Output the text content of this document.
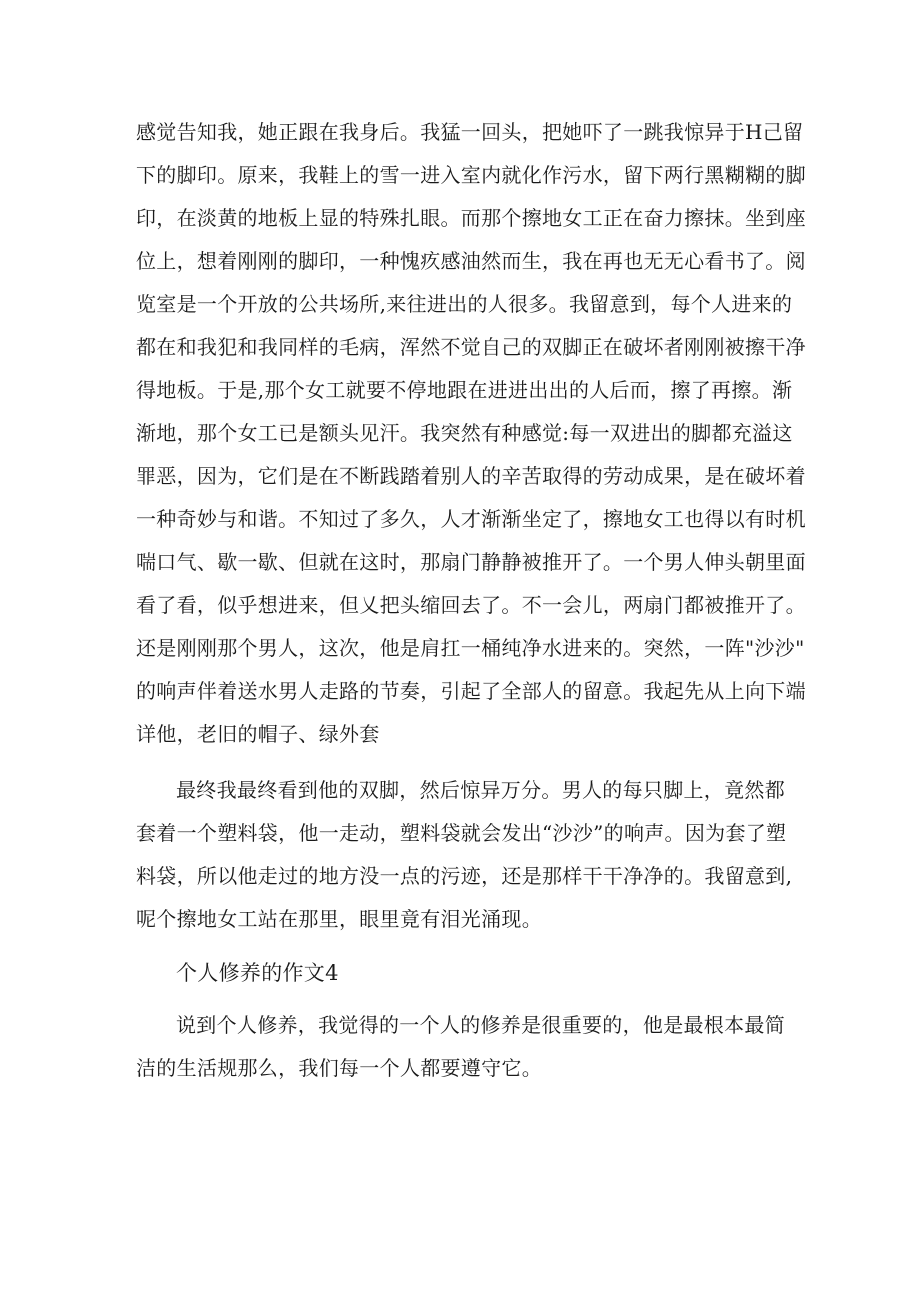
感觉告知我，她正跟在我身后。我猛一回头，把她吓了一跳我惊异于H己留
下的脚印。原来，我鞋上的雪一进入室内就化作污水，留下两行黑糊糊的脚
印，在淡黄的地板上显的特殊扎眼。而那个擦地女工正在奋力擦抹。坐到座
位上，想着刚刚的脚印，一种愧疚感油然而生，我在再也无无心看书了。阅
览室是一个开放的公共场所,来往进出的人很多。我留意到，每个人进来的
都在和我犯和我同样的毛病，浑然不觉自己的双脚正在破坏者刚刚被擦干净
得地板。于是,那个女工就要不停地跟在进进出出的人后而，擦了再擦。渐
渐地，那个女工已是额头见汗。我突然有种感觉:每一双进出的脚都充溢这
罪恶，因为，它们是在不断践踏着别人的辛苦取得的劳动成果，是在破坏着
一种奇妙与和谐。不知过了多久，人才渐渐坐定了，擦地女工也得以有时机
喘口气、歇一歇、但就在这时，那扇门静静被推开了。一个男人伸头朝里面
看了看，似乎想进来，但乂把头缩回去了。不一会儿，两扇门都被推开了。
还是刚刚那个男人，这次，他是肩扛一桶纯净水进来的。突然，一阵"沙沙"
的响声伴着送水男人走路的节奏，引起了全部人的留意。我起先从上向下端
详他，老旧的帽子、绿外套
最终我最终看到他的双脚，然后惊异万分。男人的每只脚上，竟然都
套着一个塑料袋，他一走动，塑料袋就会发出“沙沙”的响声。因为套了塑
料袋，所以他走过的地方没一点的污迹，还是那样干干净净的。我留意到,
呢个擦地女工站在那里，眼里竟有泪光涌现。
个人修养的作文4
说到个人修养，我觉得的一个人的修养是很重要的，他是最根本最简
洁的生活规那么，我们每一个人都要遵守它。
